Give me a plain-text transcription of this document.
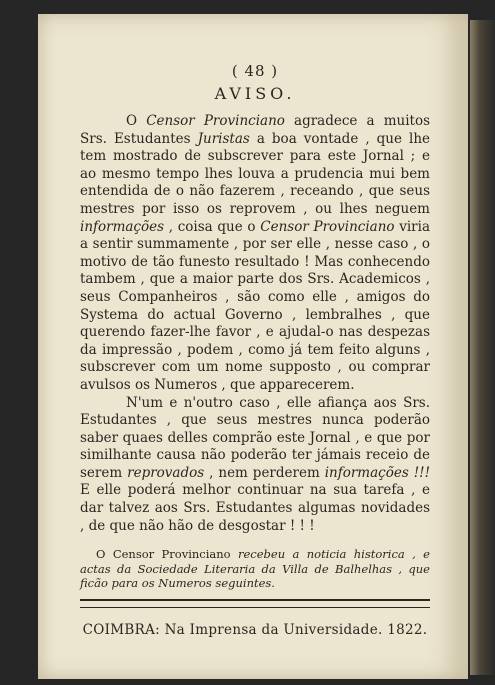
( 48 )
AVISO.

O Censor Provinciano agradece a muitos Srs. Estudantes Juristas a boa vontade , que lhe tem mostrado de subscrever para este Jornal ; e ao mesmo tempo lhes louva a prudencia mui bem entendida de o não fazerem , receando , que seus mestres por isso os reprovem , ou lhes neguem informações , coisa que o Censor Provinciano viria a sentir summamente , por ser elle , nesse caso , o motivo de tão funesto resultado ! Mas conhecendo tambem , que a maior parte dos Srs. Academicos , seus Companheiros , são como elle , amigos do Systema do actual Governo , lembralhes , que querendo fazer-lhe favor , e ajudal-o nas despezas da impressão , podem , como já tem feito alguns , subscrever com um nome supposto , ou comprar avulsos os Numeros , que apparecerem.

N'um e n'outro caso , elle afiança aos Srs. Estudantes , que seus mestres nunca poderão saber quaes delles comprão este Jornal , e que por similhante causa não poderão ter jámais receio de serem reprovados , nem perderem informações !!! E elle poderá melhor continuar na sua tarefa , e dar talvez aos Srs. Estudantes algumas novidades , de que não hão de desgostar ! ! !

O Censor Provinciano recebeu a noticia historica , e actas da Sociedade Literaria da Villa de Balhelhas , que ficão para os Numeros seguintes.

COIMBRA: Na Imprensa da Universidade. 1822.
